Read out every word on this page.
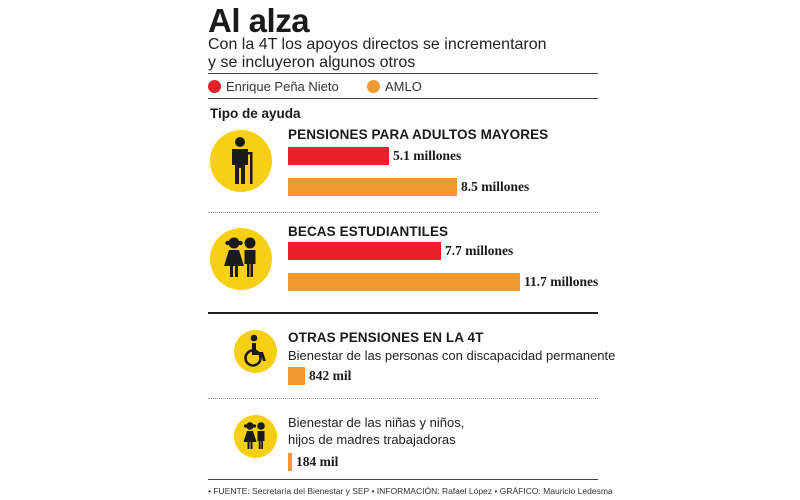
Al alza
Con la 4T los apoyos directos se incrementaron
y se incluyeron algunos otros
Enrique Peña Nieto	AMLO
Tipo de ayuda
PENSIONES PARA ADULTOS MAYORES
BECAS ESTUDIANTILES
OTRAS PENSIONES EN LA 4T
Bienestar de las personas con discapacidad permanente
Bienestar de las niñas y niños,
hijos de madres trabajadoras
• FUENTE: Secretaría del Bienestar y SEP • INFORMACIÓN: Rafael López • GRÁFICO: Mauricio Ledesma
5.1 millones
8.5 millones
7.7 millones
11.7 millones
842 mil
184 mil
